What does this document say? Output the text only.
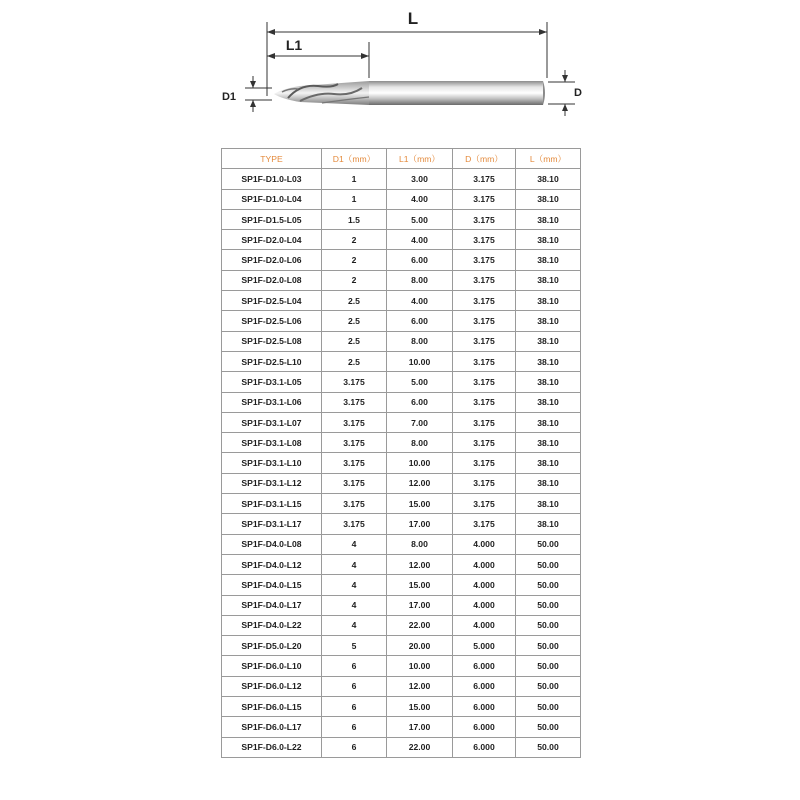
L
L1
D1	D
TYPE	D1（mm）	L1（mm）	D（mm）	L（mm）
SP1F-D1.0-L03	1	3.00	3.175	38.10
SP1F-D1.0-L04	1	4.00	3.175	38.10
SP1F-D1.5-L05	1.5	5.00	3.175	38.10
SP1F-D2.0-L04	2	4.00	3.175	38.10
SP1F-D2.0-L06	2	6.00	3.175	38.10
SP1F-D2.0-L08	2	8.00	3.175	38.10
SP1F-D2.5-L04	2.5	4.00	3.175	38.10
SP1F-D2.5-L06	2.5	6.00	3.175	38.10
SP1F-D2.5-L08	2.5	8.00	3.175	38.10
SP1F-D2.5-L10	2.5	10.00	3.175	38.10
SP1F-D3.1-L05	3.175	5.00	3.175	38.10
SP1F-D3.1-L06	3.175	6.00	3.175	38.10
SP1F-D3.1-L07	3.175	7.00	3.175	38.10
SP1F-D3.1-L08	3.175	8.00	3.175	38.10
SP1F-D3.1-L10	3.175	10.00	3.175	38.10
SP1F-D3.1-L12	3.175	12.00	3.175	38.10
SP1F-D3.1-L15	3.175	15.00	3.175	38.10
SP1F-D3.1-L17	3.175	17.00	3.175	38.10
SP1F-D4.0-L08	4	8.00	4.000	50.00
SP1F-D4.0-L12	4	12.00	4.000	50.00
SP1F-D4.0-L15	4	15.00	4.000	50.00
SP1F-D4.0-L17	4	17.00	4.000	50.00
SP1F-D4.0-L22	4	22.00	4.000	50.00
SP1F-D5.0-L20	5	20.00	5.000	50.00
SP1F-D6.0-L10	6	10.00	6.000	50.00
SP1F-D6.0-L12	6	12.00	6.000	50.00
SP1F-D6.0-L15	6	15.00	6.000	50.00
SP1F-D6.0-L17	6	17.00	6.000	50.00
SP1F-D6.0-L22	6	22.00	6.000	50.00
